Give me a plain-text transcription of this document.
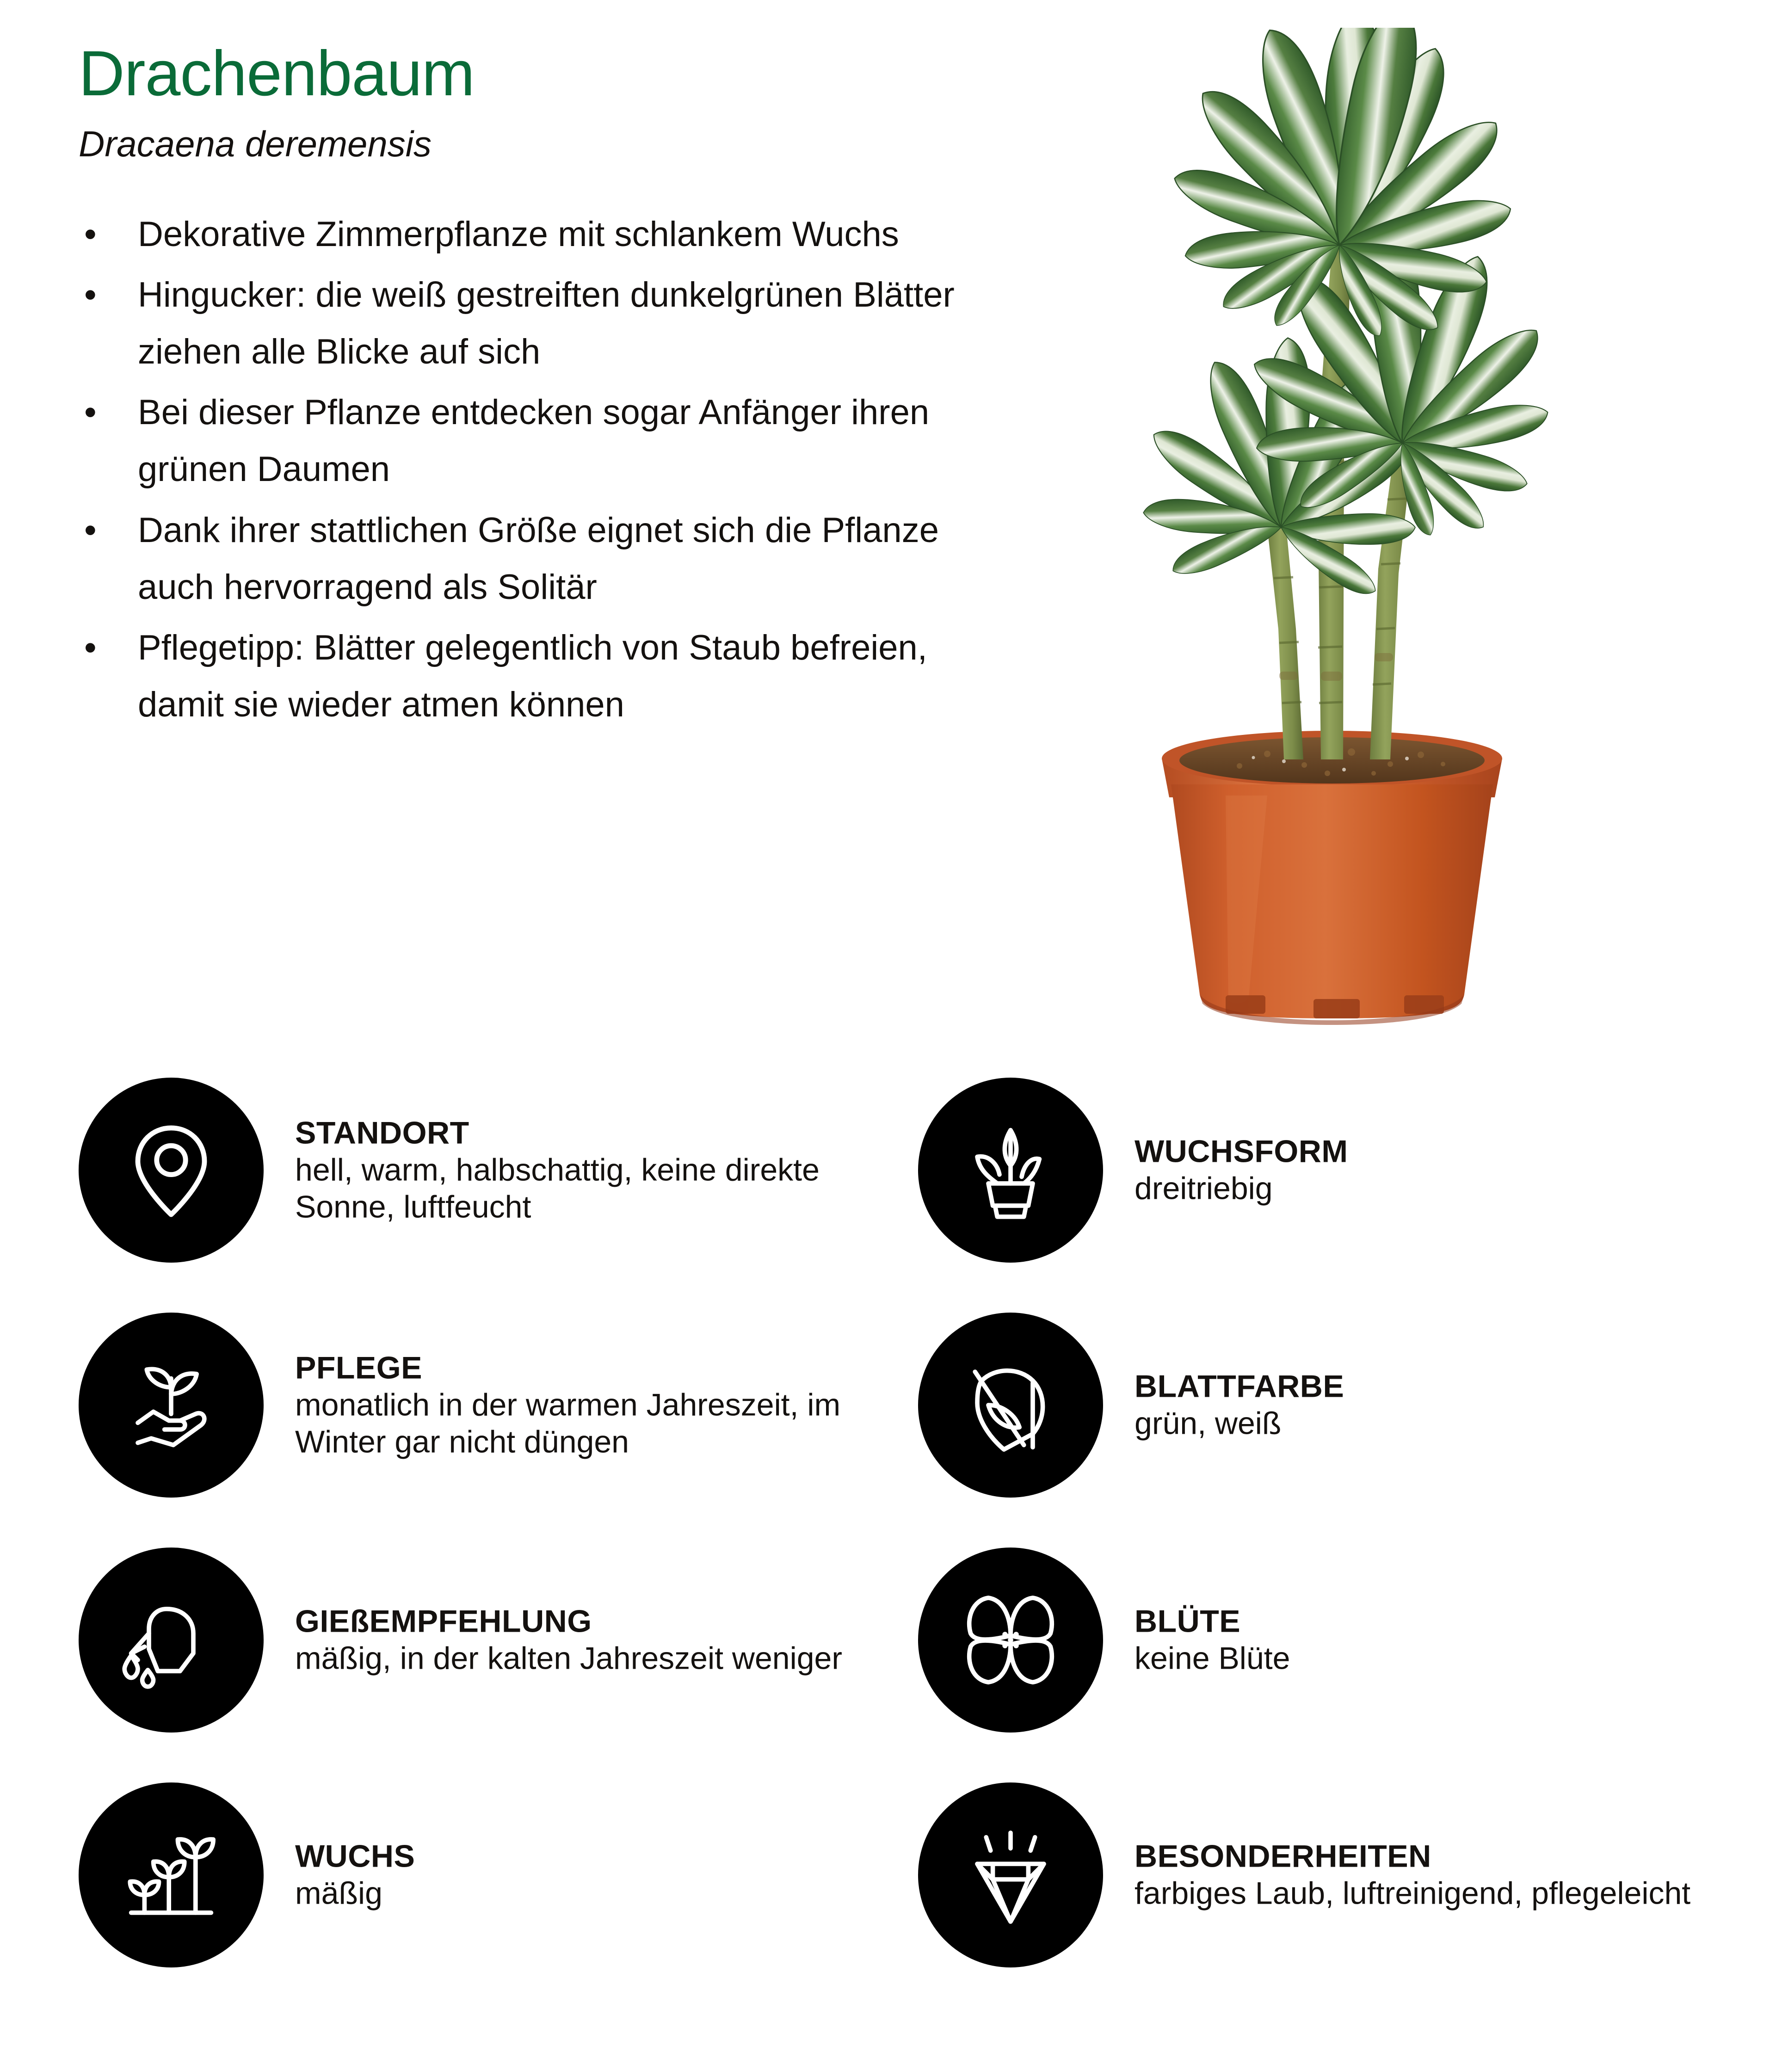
Drachenbaum
Dracaena deremensis
• Dekorative Zimmerpflanze mit schlankem Wuchs
• Hingucker: die weiß gestreiften dunkelgrünen Blätter ziehen alle Blicke auf sich
• Bei dieser Pflanze entdecken sogar Anfänger ihren grünen Daumen
• Dank ihrer stattlichen Größe eignet sich die Pflanze auch hervorragend als Solitär
• Pflegetipp: Blätter gelegentlich von Staub befreien, damit sie wieder atmen können
STANDORT
hell, warm, halbschattig, keine direkte Sonne, luftfeucht
PFLEGE
monatlich in der warmen Jahreszeit, im Winter gar nicht düngen
GIEßEMPFEHLUNG
mäßig, in der kalten Jahreszeit weniger
WUCHS
mäßig
WUCHSFORM
dreitriebig
BLATTFARBE
grün, weiß
BLÜTE
keine Blüte
BESONDERHEITEN
farbiges Laub, luftreinigend, pflegeleicht
